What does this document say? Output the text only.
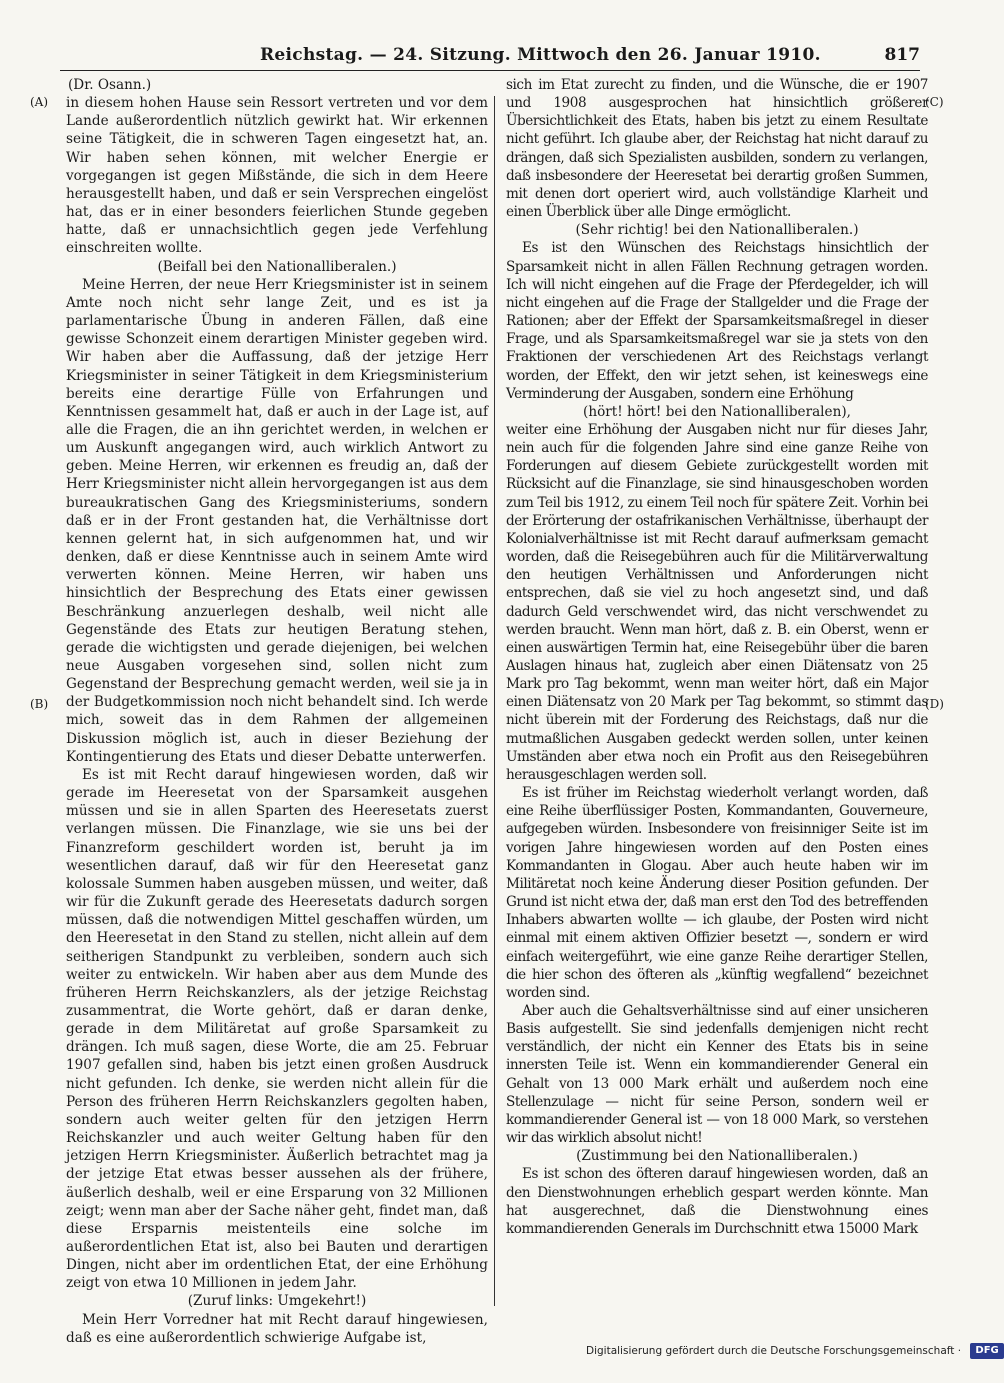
Reichstag. — 24. Sitzung. Mittwoch den 26. Januar 1910.	817
(A)
(B)
(C)
(D)

(Dr. Osann.)

in diesem hohen Hause sein Ressort vertreten und vor dem Lande außerordentlich nützlich gewirkt hat. Wir erkennen seine Tätigkeit, die in schweren Tagen eingesetzt hat, an. Wir haben sehen können, mit welcher Energie er vorgegangen ist gegen Mißstände, die sich in dem Heere herausgestellt haben, und daß er sein Versprechen eingelöst hat, das er in einer besonders feierlichen Stunde gegeben hatte, daß er unnachsichtlich gegen jede Verfehlung einschreiten wollte.

(Beifall bei den Nationalliberalen.)

Meine Herren, der neue Herr Kriegsminister ist in seinem Amte noch nicht sehr lange Zeit, und es ist ja parlamentarische Übung in anderen Fällen, daß eine gewisse Schonzeit einem derartigen Minister gegeben wird. Wir haben aber die Auffassung, daß der jetzige Herr Kriegsminister in seiner Tätigkeit in dem Kriegsministerium bereits eine derartige Fülle von Erfahrungen und Kenntnissen gesammelt hat, daß er auch in der Lage ist, auf alle die Fragen, die an ihn gerichtet werden, in welchen er um Auskunft angegangen wird, auch wirklich Antwort zu geben. Meine Herren, wir erkennen es freudig an, daß der Herr Kriegsminister nicht allein hervorgegangen ist aus dem bureaukratischen Gang des Kriegsministeriums, sondern daß er in der Front gestanden hat, die Verhältnisse dort kennen gelernt hat, in sich aufgenommen hat, und wir denken, daß er diese Kenntnisse auch in seinem Amte wird verwerten können. Meine Herren, wir haben uns hinsichtlich der Besprechung des Etats einer gewissen Beschränkung anzuerlegen deshalb, weil nicht alle Gegenstände des Etats zur heutigen Beratung stehen, gerade die wichtigsten und gerade diejenigen, bei welchen neue Ausgaben vorgesehen sind, sollen nicht zum Gegenstand der Besprechung gemacht werden, weil sie ja in der Budgetkommission noch nicht behandelt sind. Ich werde mich, soweit das in dem Rahmen der allgemeinen Diskussion möglich ist, auch in dieser Beziehung der Kontingentierung des Etats und dieser Debatte unterwerfen.

Es ist mit Recht darauf hingewiesen worden, daß wir gerade im Heeresetat von der Sparsamkeit ausgehen müssen und sie in allen Sparten des Heeresetats zuerst verlangen müssen. Die Finanzlage, wie sie uns bei der Finanzreform geschildert worden ist, beruht ja im wesentlichen darauf, daß wir für den Heeresetat ganz kolossale Summen haben ausgeben müssen, und weiter, daß wir für die Zukunft gerade des Heeresetats dadurch sorgen müssen, daß die notwendigen Mittel geschaffen würden, um den Heeresetat in den Stand zu stellen, nicht allein auf dem seitherigen Standpunkt zu verbleiben, sondern auch sich weiter zu entwickeln. Wir haben aber aus dem Munde des früheren Herrn Reichskanzlers, als der jetzige Reichstag zusammentrat, die Worte gehört, daß er daran denke, gerade in dem Militäretat auf große Sparsamkeit zu drängen. Ich muß sagen, diese Worte, die am 25. Februar 1907 gefallen sind, haben bis jetzt einen großen Ausdruck nicht gefunden. Ich denke, sie werden nicht allein für die Person des früheren Herrn Reichskanzlers gegolten haben, sondern auch weiter gelten für den jetzigen Herrn Reichskanzler und auch weiter Geltung haben für den jetzigen Herrn Kriegsminister. Äußerlich betrachtet mag ja der jetzige Etat etwas besser aussehen als der frühere, äußerlich deshalb, weil er eine Ersparung von 32 Millionen zeigt; wenn man aber der Sache näher geht, findet man, daß diese Ersparnis meistenteils eine solche im außerordentlichen Etat ist, also bei Bauten und derartigen Dingen, nicht aber im ordentlichen Etat, der eine Erhöhung zeigt von etwa 10 Millionen in jedem Jahr.

(Zuruf links: Umgekehrt!)

Mein Herr Vorredner hat mit Recht darauf hingewiesen, daß es eine außerordentlich schwierige Aufgabe ist,

sich im Etat zurecht zu finden, und die Wünsche, die er 1907 und 1908 ausgesprochen hat hinsichtlich größerer Übersichtlichkeit des Etats, haben bis jetzt zu einem Resultate nicht geführt. Ich glaube aber, der Reichstag hat nicht darauf zu drängen, daß sich Spezialisten ausbilden, sondern zu verlangen, daß insbesondere der Heeresetat bei derartig großen Summen, mit denen dort operiert wird, auch vollständige Klarheit und einen Überblick über alle Dinge ermöglicht.

(Sehr richtig! bei den Nationalliberalen.)

Es ist den Wünschen des Reichstags hinsichtlich der Sparsamkeit nicht in allen Fällen Rechnung getragen worden. Ich will nicht eingehen auf die Frage der Pferdegelder, ich will nicht eingehen auf die Frage der Stallgelder und die Frage der Rationen; aber der Effekt der Sparsamkeitsmaßregel in dieser Frage, und als Sparsamkeitsmaßregel war sie ja stets von den Fraktionen der verschiedenen Art des Reichstags verlangt worden, der Effekt, den wir jetzt sehen, ist keineswegs eine Verminderung der Ausgaben, sondern eine Erhöhung

(hört! hört! bei den Nationalliberalen),

weiter eine Erhöhung der Ausgaben nicht nur für dieses Jahr, nein auch für die folgenden Jahre sind eine ganze Reihe von Forderungen auf diesem Gebiete zurückgestellt worden mit Rücksicht auf die Finanzlage, sie sind hinausgeschoben worden zum Teil bis 1912, zu einem Teil noch für spätere Zeit. Vorhin bei der Erörterung der ostafrikanischen Verhältnisse, überhaupt der Kolonialverhältnisse ist mit Recht darauf aufmerksam gemacht worden, daß die Reisegebühren auch für die Militärverwaltung den heutigen Verhältnissen und Anforderungen nicht entsprechen, daß sie viel zu hoch angesetzt sind, und daß dadurch Geld verschwendet wird, das nicht verschwendet zu werden braucht. Wenn man hört, daß z. B. ein Oberst, wenn er einen auswärtigen Termin hat, eine Reisegebühr über die baren Auslagen hinaus hat, zugleich aber einen Diätensatz von 25 Mark pro Tag bekommt, wenn man weiter hört, daß ein Major einen Diätensatz von 20 Mark per Tag bekommt, so stimmt das nicht überein mit der Forderung des Reichstags, daß nur die mutmaßlichen Ausgaben gedeckt werden sollen, unter keinen Umständen aber etwa noch ein Profit aus den Reisegebühren herausgeschlagen werden soll.

Es ist früher im Reichstag wiederholt verlangt worden, daß eine Reihe überflüssiger Posten, Kommandanten, Gouverneure, aufgegeben würden. Insbesondere von freisinniger Seite ist im vorigen Jahre hingewiesen worden auf den Posten eines Kommandanten in Glogau. Aber auch heute haben wir im Militäretat noch keine Änderung dieser Position gefunden. Der Grund ist nicht etwa der, daß man erst den Tod des betreffenden Inhabers abwarten wollte — ich glaube, der Posten wird nicht einmal mit einem aktiven Offizier besetzt —, sondern er wird einfach weitergeführt, wie eine ganze Reihe derartiger Stellen, die hier schon des öfteren als „künftig wegfallend“ bezeichnet worden sind.

Aber auch die Gehaltsverhältnisse sind auf einer unsicheren Basis aufgestellt. Sie sind jedenfalls demjenigen nicht recht verständlich, der nicht ein Kenner des Etats bis in seine innersten Teile ist. Wenn ein kommandierender General ein Gehalt von 13 000 Mark erhält und außerdem noch eine Stellenzulage — nicht für seine Person, sondern weil er kommandierender General ist — von 18 000 Mark, so verstehen wir das wirklich absolut nicht!

(Zustimmung bei den Nationalliberalen.)

Es ist schon des öfteren darauf hingewiesen worden, daß an den Dienstwohnungen erheblich gespart werden könnte. Man hat ausgerechnet, daß die Dienstwohnung eines kommandierenden Generals im Durchschnitt etwa 15000 Mark

Digitalisierung gefördert durch die Deutsche Forschungsgemeinschaft · DFG
